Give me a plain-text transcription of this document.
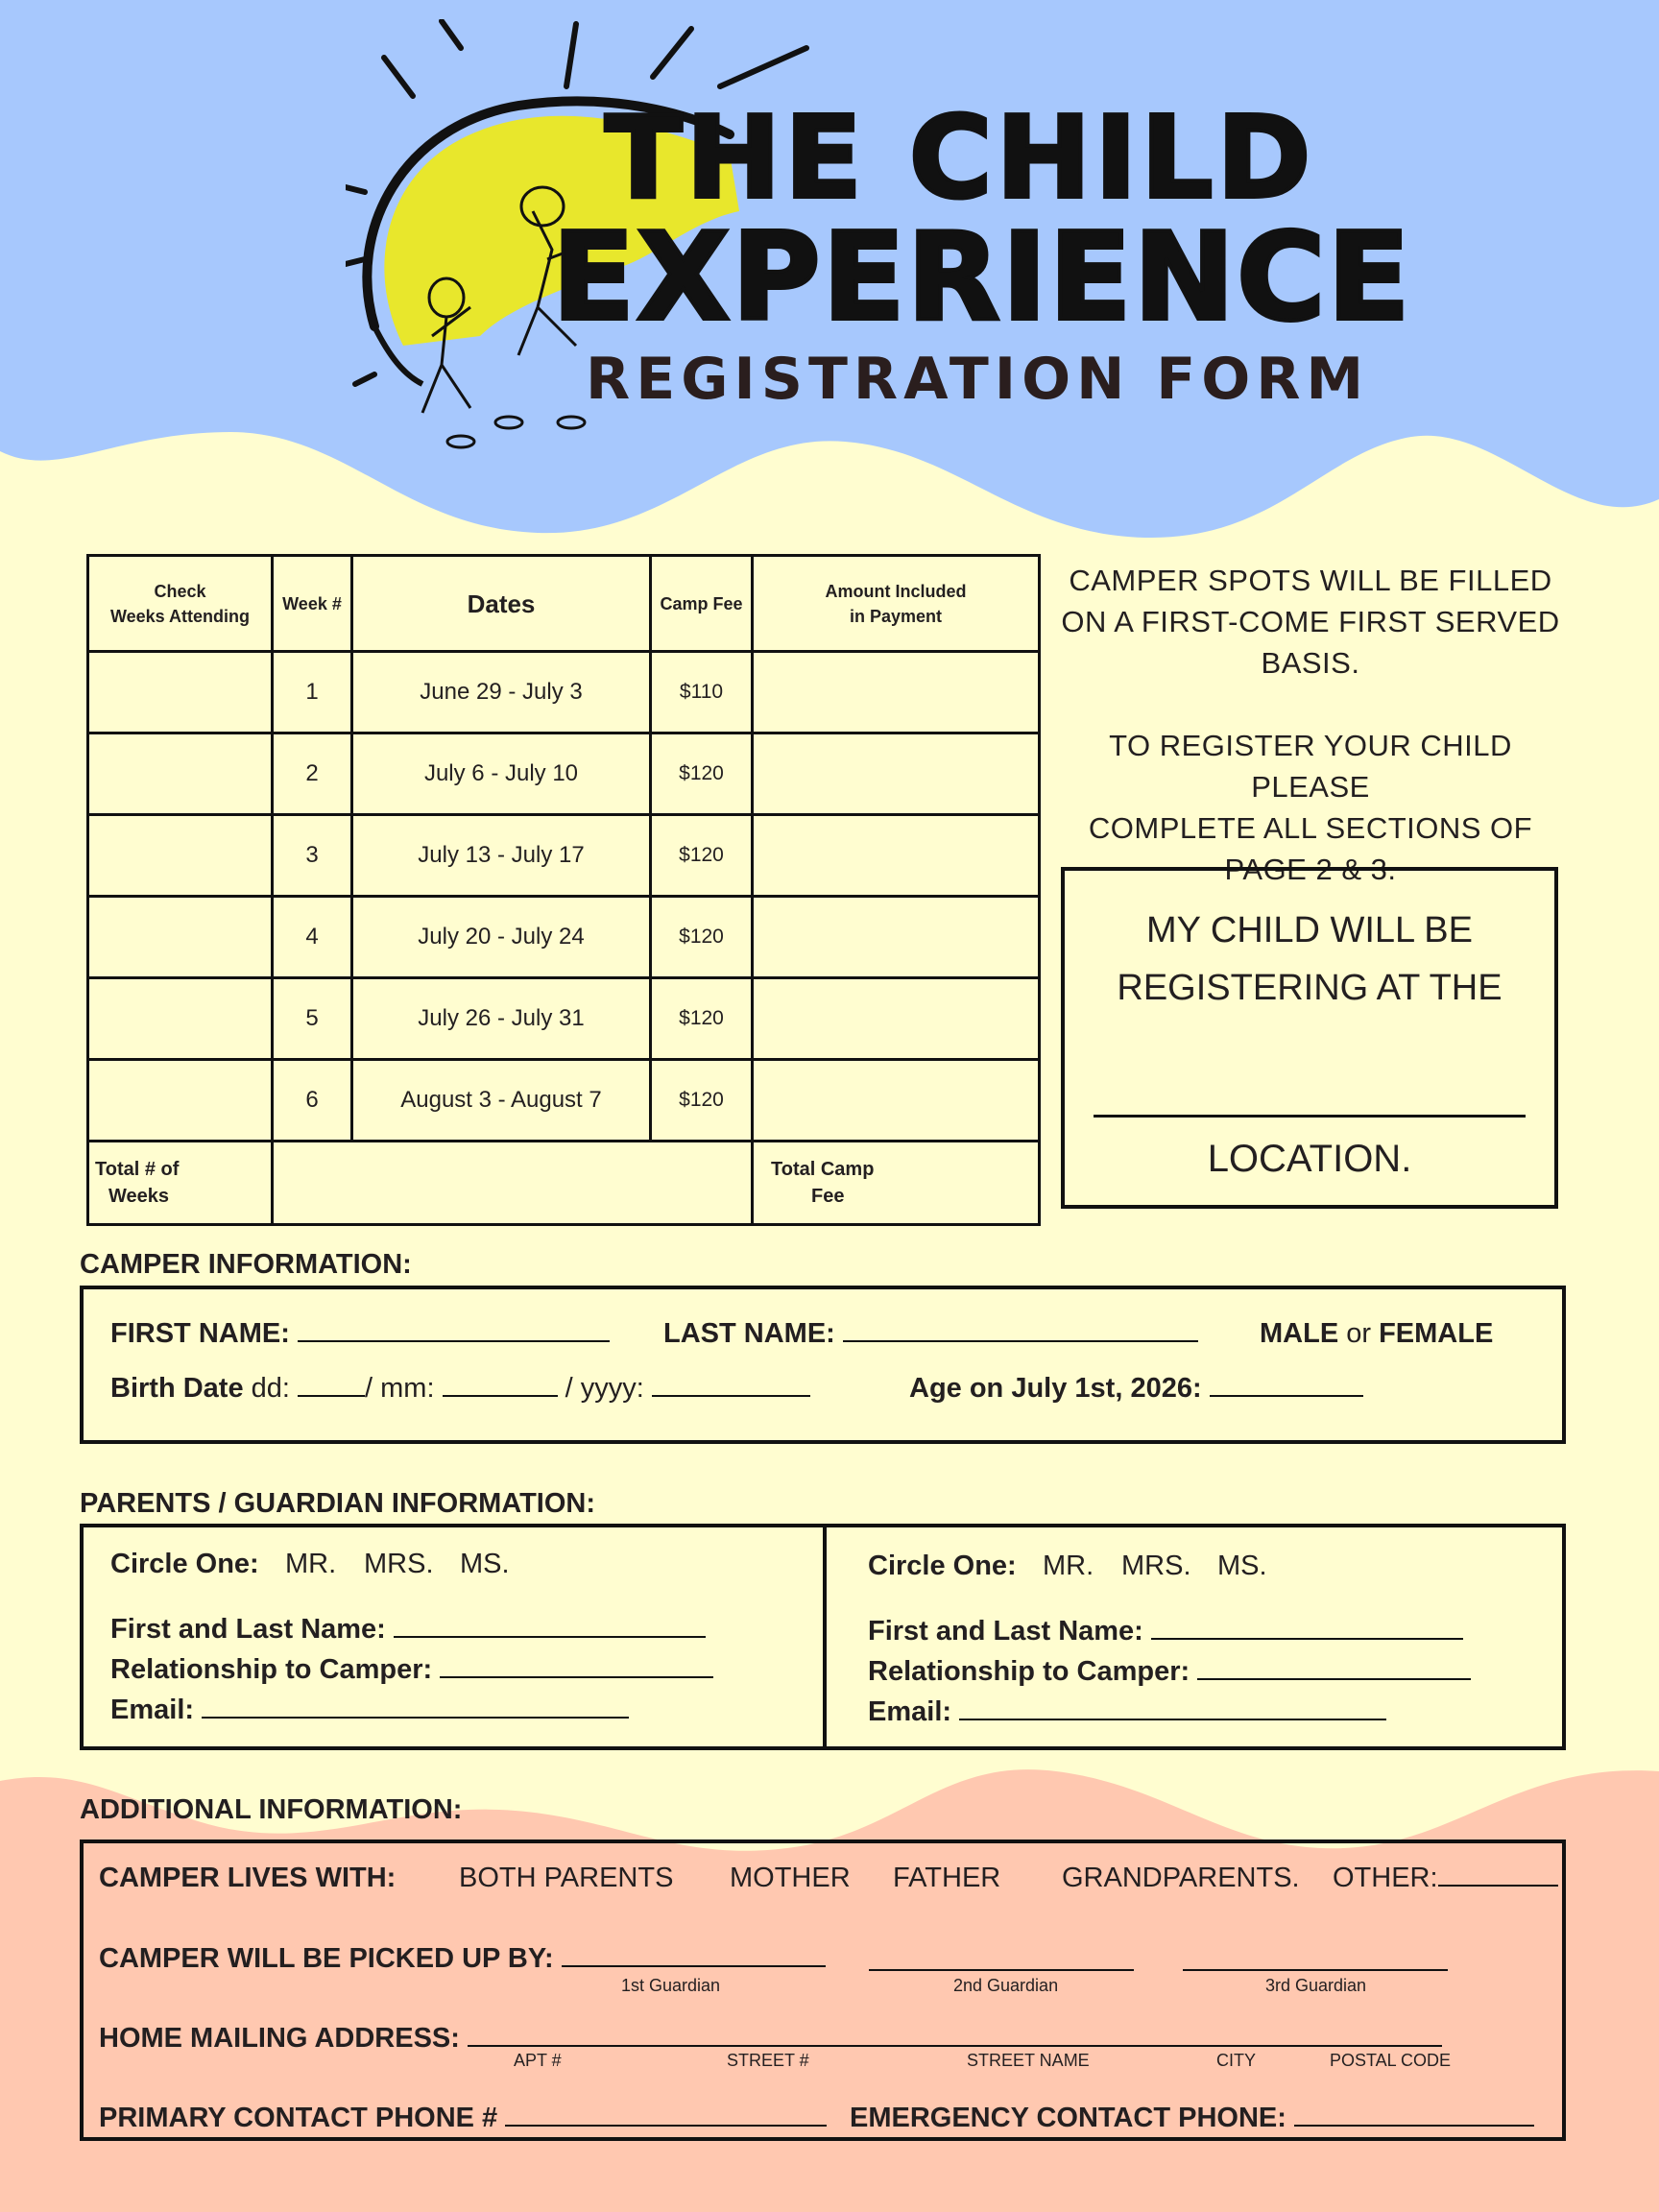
THE CHILD
EXPERIENCE
REGISTRATION FORM
Check
Weeks Attending	Week #	Dates	Camp Fee	Amount Included
in Payment
	1	June 29 - July 3	$110	
	2	July 6 - July 10	$120	
	3	July 13 - July 17	$120	
	4	July 20 - July 24	$120	
	5	July 26 - July 31	$120	
	6	August 3 - August 7	$120	
Total # of
Weeks				Total Camp
Fee
CAMPER SPOTS WILL BE FILLED
ON A FIRST-COME FIRST SERVED
BASIS.
TO REGISTER YOUR CHILD PLEASE
COMPLETE ALL SECTIONS OF
PAGE 2 & 3.
MY CHILD WILL BE
REGISTERING AT THE
LOCATION.
CAMPER INFORMATION:
FIRST NAME:	LAST NAME:	MALE or FEMALE
Birth Date dd:	/ mm:	/ yyyy:	Age on July 1st, 2026:
PARENTS / GUARDIAN INFORMATION:
Circle One: MR. MRS. MS.
First and Last Name:
Relationship to Camper:
Email:
Circle One: MR. MRS. MS.
First and Last Name:
Relationship to Camper:
Email:
ADDITIONAL INFORMATION:
CAMPER LIVES WITH: BOTH PARENTS MOTHER FATHER GRANDPARENTS. OTHER:
CAMPER WILL BE PICKED UP BY:
1st Guardian	2nd Guardian	3rd Guardian
HOME MAILING ADDRESS:
APT #	STREET #	STREET NAME	CITY	POSTAL CODE
PRIMARY CONTACT PHONE #	EMERGENCY CONTACT PHONE:
